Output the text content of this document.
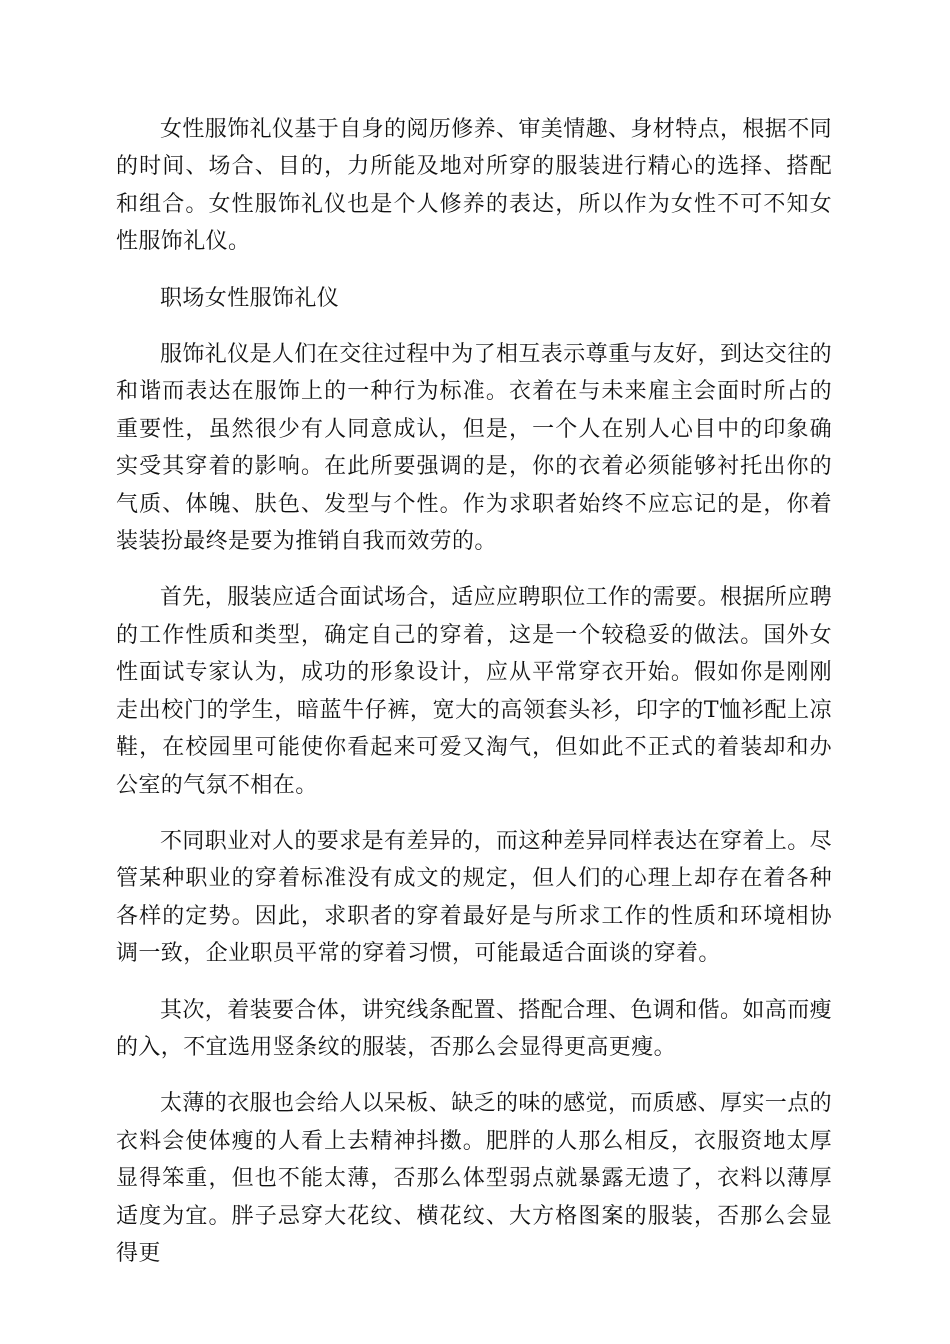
女性服饰礼仪基于自身的阅历修养、审美情趣、身材特点，根据不同的时间、场合、目的，力所能及地对所穿的服装进行精心的选择、搭配和组合。女性服饰礼仪也是个人修养的表达，所以作为女性不可不知女性服饰礼仪。

职场女性服饰礼仪

服饰礼仪是人们在交往过程中为了相互表示尊重与友好，到达交往的和谐而表达在服饰上的一种行为标准。衣着在与未来雇主会面时所占的重要性，虽然很少有人同意成认，但是，一个人在别人心目中的印象确实受其穿着的影响。在此所要强调的是，你的衣着必须能够衬托出你的气质、体魄、肤色、发型与个性。作为求职者始终不应忘记的是，你着装装扮最终是要为推销自我而效劳的。

首先，服装应适合面试场合，适应应聘职位工作的需要。根据所应聘的工作性质和类型，确定自己的穿着，这是一个较稳妥的做法。国外女性面试专家认为，成功的形象设计，应从平常穿衣开始。假如你是刚刚走出校门的学生，暗蓝牛仔裤，宽大的高领套头衫，印字的T恤衫配上凉鞋，在校园里可能使你看起来可爱又淘气，但如此不正式的着装却和办公室的气氛不相在。

不同职业对人的要求是有差异的，而这种差异同样表达在穿着上。尽管某种职业的穿着标准没有成文的规定，但人们的心理上却存在着各种各样的定势。因此，求职者的穿着最好是与所求工作的性质和环境相协调一致，企业职员平常的穿着习惯，可能最适合面谈的穿着。

其次，着装要合体，讲究线条配置、搭配合理、色调和偕。如高而瘦的入，不宜选用竖条纹的服装，否那么会显得更高更瘦。

太薄的衣服也会给人以呆板、缺乏的味的感觉，而质感、厚实一点的衣料会使体瘦的人看上去精神抖擞。肥胖的人那么相反，衣服资地太厚显得笨重，但也不能太薄，否那么体型弱点就暴露无遗了，衣料以薄厚适度为宜。胖子忌穿大花纹、横花纹、大方格图案的服装，否那么会显得更
